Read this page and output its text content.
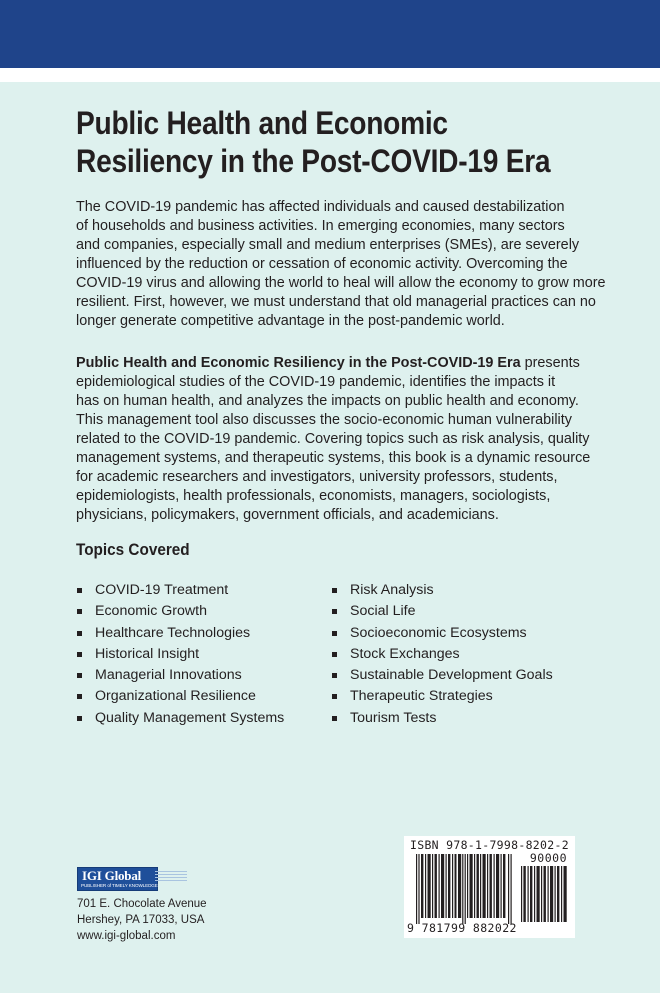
Public Health and Economic
Resiliency in the Post-COVID-19 Era

The COVID-19 pandemic has affected individuals and caused destabilization
of households and business activities. In emerging economies, many sectors
and companies, especially small and medium enterprises (SMEs), are severely
influenced by the reduction or cessation of economic activity. Overcoming the
COVID-19 virus and allowing the world to heal will allow the economy to grow more
resilient. First, however, we must understand that old managerial practices can no
longer generate competitive advantage in the post-pandemic world.

Public Health and Economic Resiliency in the Post-COVID-19 Era presents
epidemiological studies of the COVID-19 pandemic, identifies the impacts it
has on human health, and analyzes the impacts on public health and economy.
This management tool also discusses the socio-economic human vulnerability
related to the COVID-19 pandemic. Covering topics such as risk analysis, quality
management systems, and therapeutic systems, this book is a dynamic resource
for academic researchers and investigators, university professors, students,
epidemiologists, health professionals, economists, managers, sociologists,
physicians, policymakers, government officials, and academicians.

Topics Covered
COVID-19 Treatment
Economic Growth
Healthcare Technologies
Historical Insight
Managerial Innovations
Organizational Resilience
Quality Management Systems
Risk Analysis
Social Life
Socioeconomic Ecosystems
Stock Exchanges
Sustainable Development Goals
Therapeutic Strategies
Tourism Tests
IGI Global
PUBLISHER of TIMELY KNOWLEDGE

701 E. Chocolate Avenue
Hershey, PA 17033, USA
www.igi-global.com

ISBN 978-1-7998-8202-2
90000
9 781799 882022
